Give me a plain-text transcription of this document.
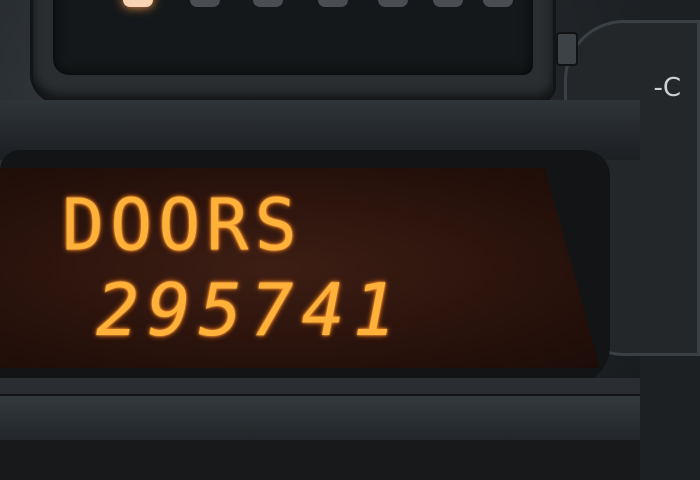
-C
DOORS
295741
